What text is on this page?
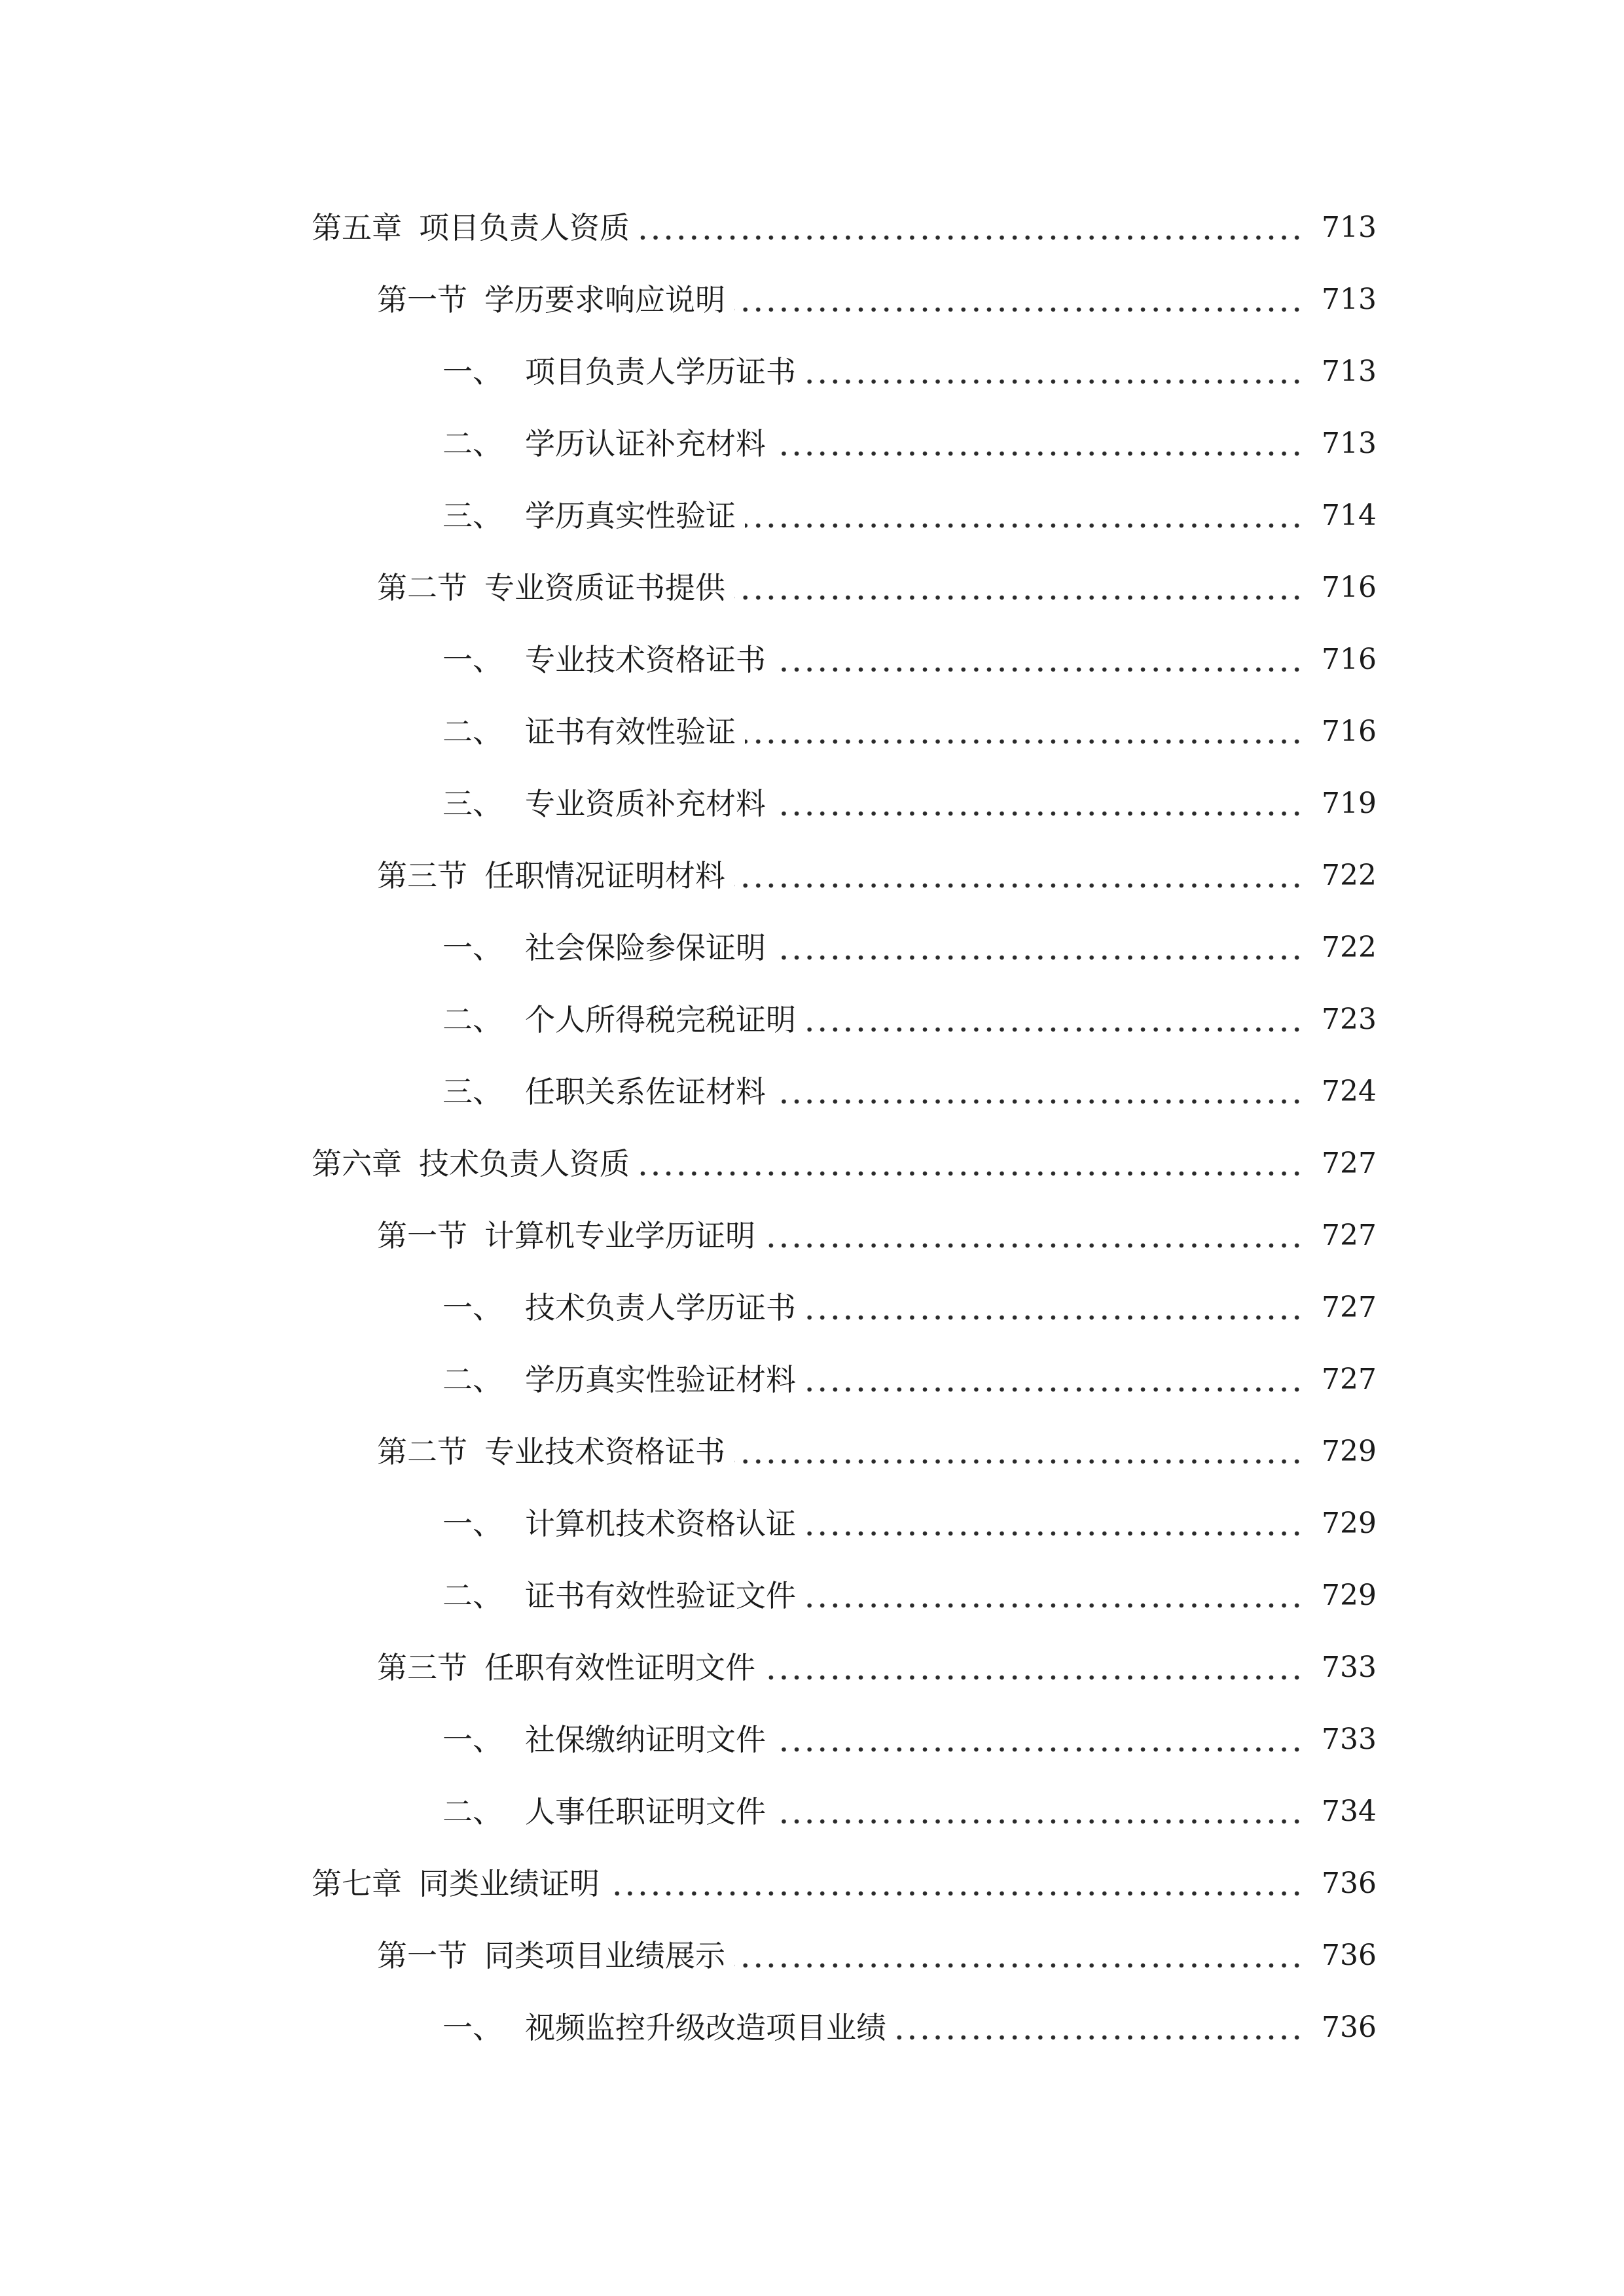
第五章 项目负责人资质	713
第一节 学历要求响应说明	713
一、 项目负责人学历证书	713
二、 学历认证补充材料	713
三、 学历真实性验证	714
第二节 专业资质证书提供	716
一、 专业技术资格证书	716
二、 证书有效性验证	716
三、 专业资质补充材料	719
第三节 任职情况证明材料	722
一、 社会保险参保证明	722
二、 个人所得税完税证明	723
三、 任职关系佐证材料	724
第六章 技术负责人资质	727
第一节 计算机专业学历证明	727
一、 技术负责人学历证书	727
二、 学历真实性验证材料	727
第二节 专业技术资格证书	729
一、 计算机技术资格认证	729
二、 证书有效性验证文件	729
第三节 任职有效性证明文件	733
一、 社保缴纳证明文件	733
二、 人事任职证明文件	734
第七章 同类业绩证明	736
第一节 同类项目业绩展示	736
一、 视频监控升级改造项目业绩	736
